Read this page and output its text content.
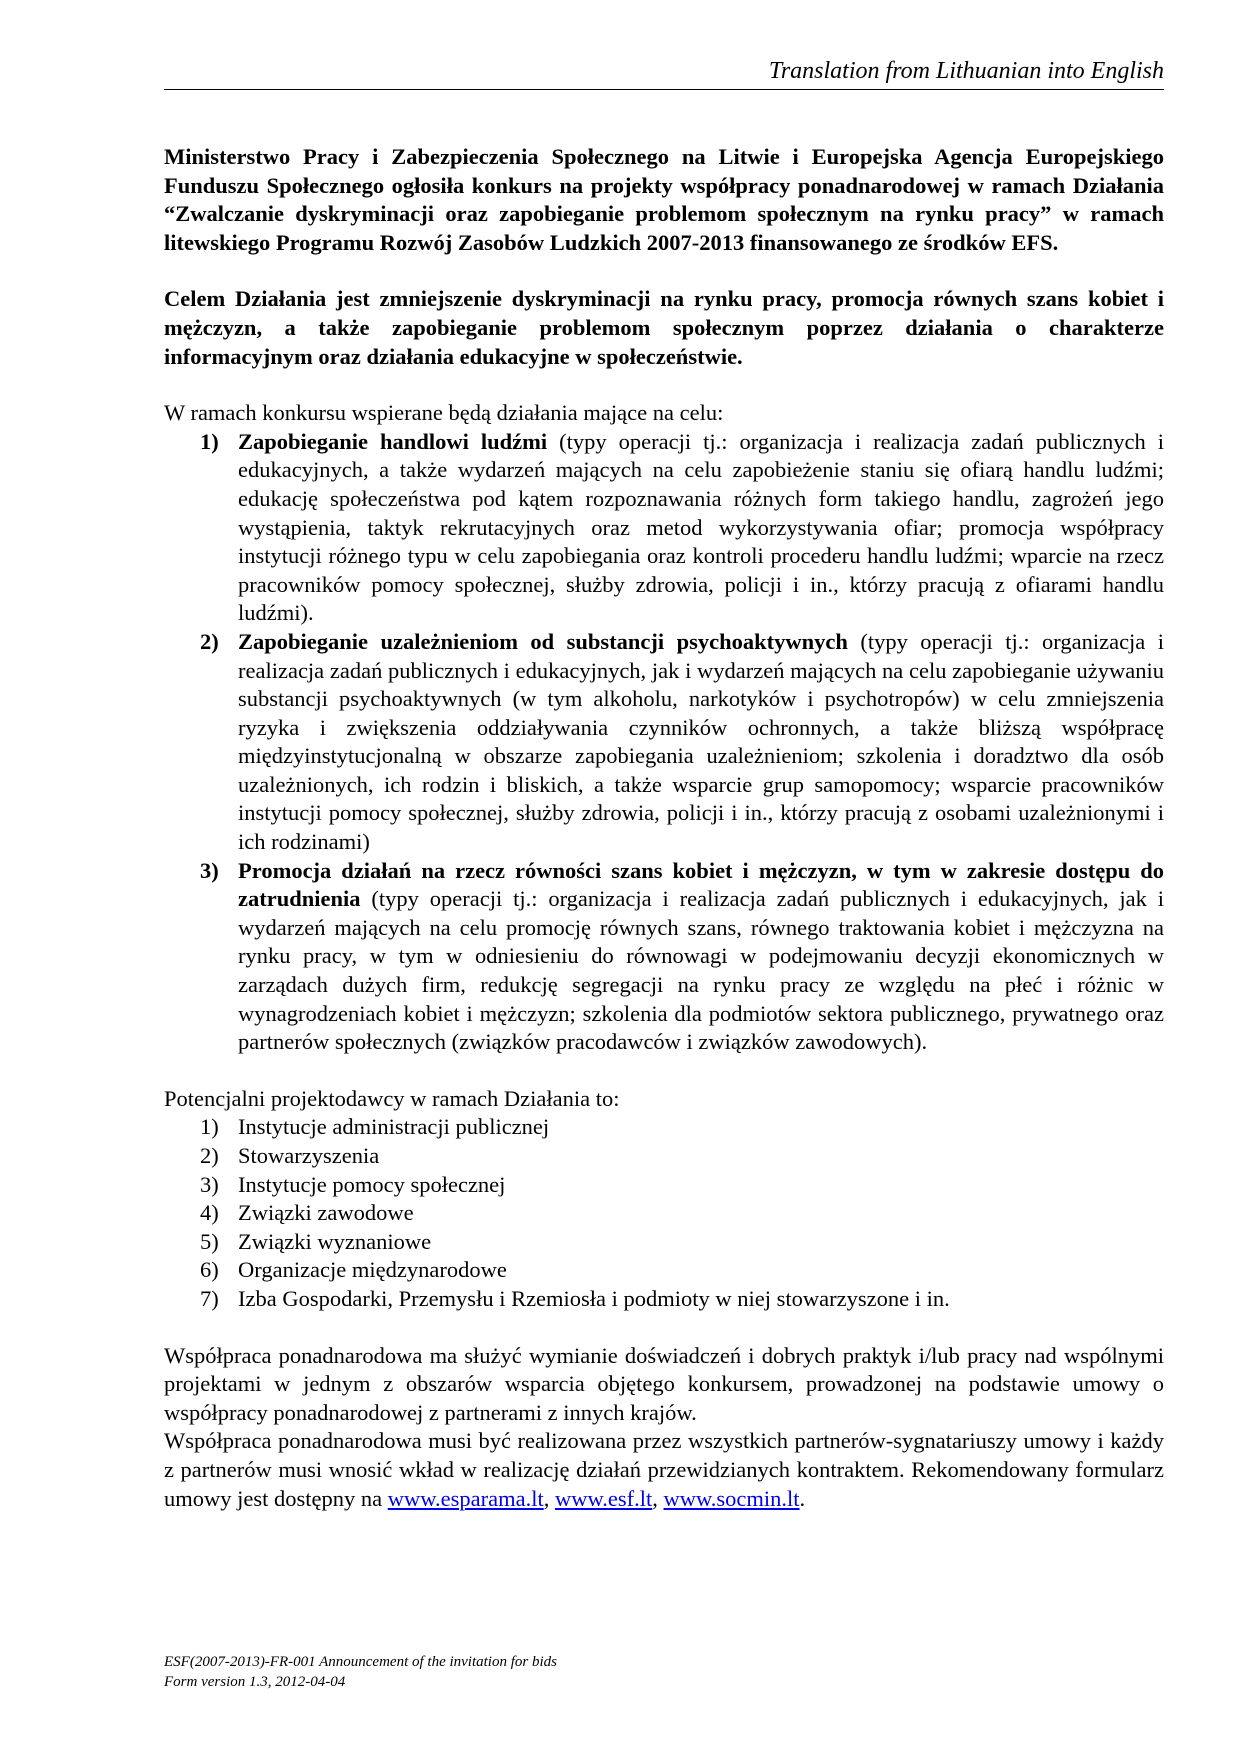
Translation from Lithuanian into English

Ministerstwo Pracy i Zabezpieczenia Społecznego na Litwie i Europejska Agencja Europejskiego Funduszu Społecznego ogłosiła konkurs na projekty współpracy ponadnarodowej w ramach Działania “Zwalczanie dyskryminacji oraz zapobieganie problemom społecznym na rynku pracy” w ramach litewskiego Programu Rozwój Zasobów Ludzkich 2007-2013 finansowanego ze środków EFS.

Celem Działania jest zmniejszenie dyskryminacji na rynku pracy, promocja równych szans kobiet i mężczyzn, a także zapobieganie problemom społecznym poprzez działania o charakterze informacyjnym oraz działania edukacyjne w społeczeństwie.

W ramach konkursu wspierane będą działania mające na celu:

1) Zapobieganie handlowi ludźmi (typy operacji tj.: organizacja i realizacja zadań publicznych i edukacyjnych, a także wydarzeń mających na celu zapobieżenie staniu się ofiarą handlu ludźmi; edukację społeczeństwa pod kątem rozpoznawania różnych form takiego handlu, zagrożeń jego wystąpienia, taktyk rekrutacyjnych oraz metod wykorzystywania ofiar; promocja współpracy instytucji różnego typu w celu zapobiegania oraz kontroli procederu handlu ludźmi; wparcie na rzecz pracowników pomocy społecznej, służby zdrowia, policji i in., którzy pracują z ofiarami handlu ludźmi).
2) Zapobieganie uzależnieniom od substancji psychoaktywnych (typy operacji tj.: organizacja i realizacja zadań publicznych i edukacyjnych, jak i wydarzeń mających na celu zapobieganie używaniu substancji psychoaktywnych (w tym alkoholu, narkotyków i psychotropów) w celu zmniejszenia ryzyka i zwiększenia oddziaływania czynników ochronnych, a także bliższą współpracę międzyinstytucjonalną w obszarze zapobiegania uzależnieniom; szkolenia i doradztwo dla osób uzależnionych, ich rodzin i bliskich, a także wsparcie grup samopomocy; wsparcie pracowników instytucji pomocy społecznej, służby zdrowia, policji i in., którzy pracują z osobami uzależnionymi i ich rodzinami)
3) Promocja działań na rzecz równości szans kobiet i mężczyzn, w tym w zakresie dostępu do zatrudnienia (typy operacji tj.: organizacja i realizacja zadań publicznych i edukacyjnych, jak i wydarzeń mających na celu promocję równych szans, równego traktowania kobiet i mężczyzna na rynku pracy, w tym w odniesieniu do równowagi w podejmowaniu decyzji ekonomicznych w zarządach dużych firm, redukcję segregacji na rynku pracy ze względu na płeć i różnic w wynagrodzeniach kobiet i mężczyzn; szkolenia dla podmiotów sektora publicznego, prywatnego oraz partnerów społecznych (związków pracodawców i związków zawodowych).

Potencjalni projektodawcy w ramach Działania to:

1) Instytucje administracji publicznej
2) Stowarzyszenia
3) Instytucje pomocy społecznej
4) Związki zawodowe
5) Związki wyznaniowe
6) Organizacje międzynarodowe
7) Izba Gospodarki, Przemysłu i Rzemiosła i podmioty w niej stowarzyszone i in.

Współpraca ponadnarodowa ma służyć wymianie doświadczeń i dobrych praktyk i/lub pracy nad wspólnymi projektami w jednym z obszarów wsparcia objętego konkursem, prowadzonej na podstawie umowy o współpracy ponadnarodowej z partnerami z innych krajów.

Współpraca ponadnarodowa musi być realizowana przez wszystkich partnerów-sygnatariuszy umowy i każdy z partnerów musi wnosić wkład w realizację działań przewidzianych kontraktem. Rekomendowany formularz umowy jest dostępny na www.esparama.lt, www.esf.lt, www.socmin.lt.

ESF(2007-2013)-FR-001 Announcement of the invitation for bids
Form version 1.3, 2012-04-04
